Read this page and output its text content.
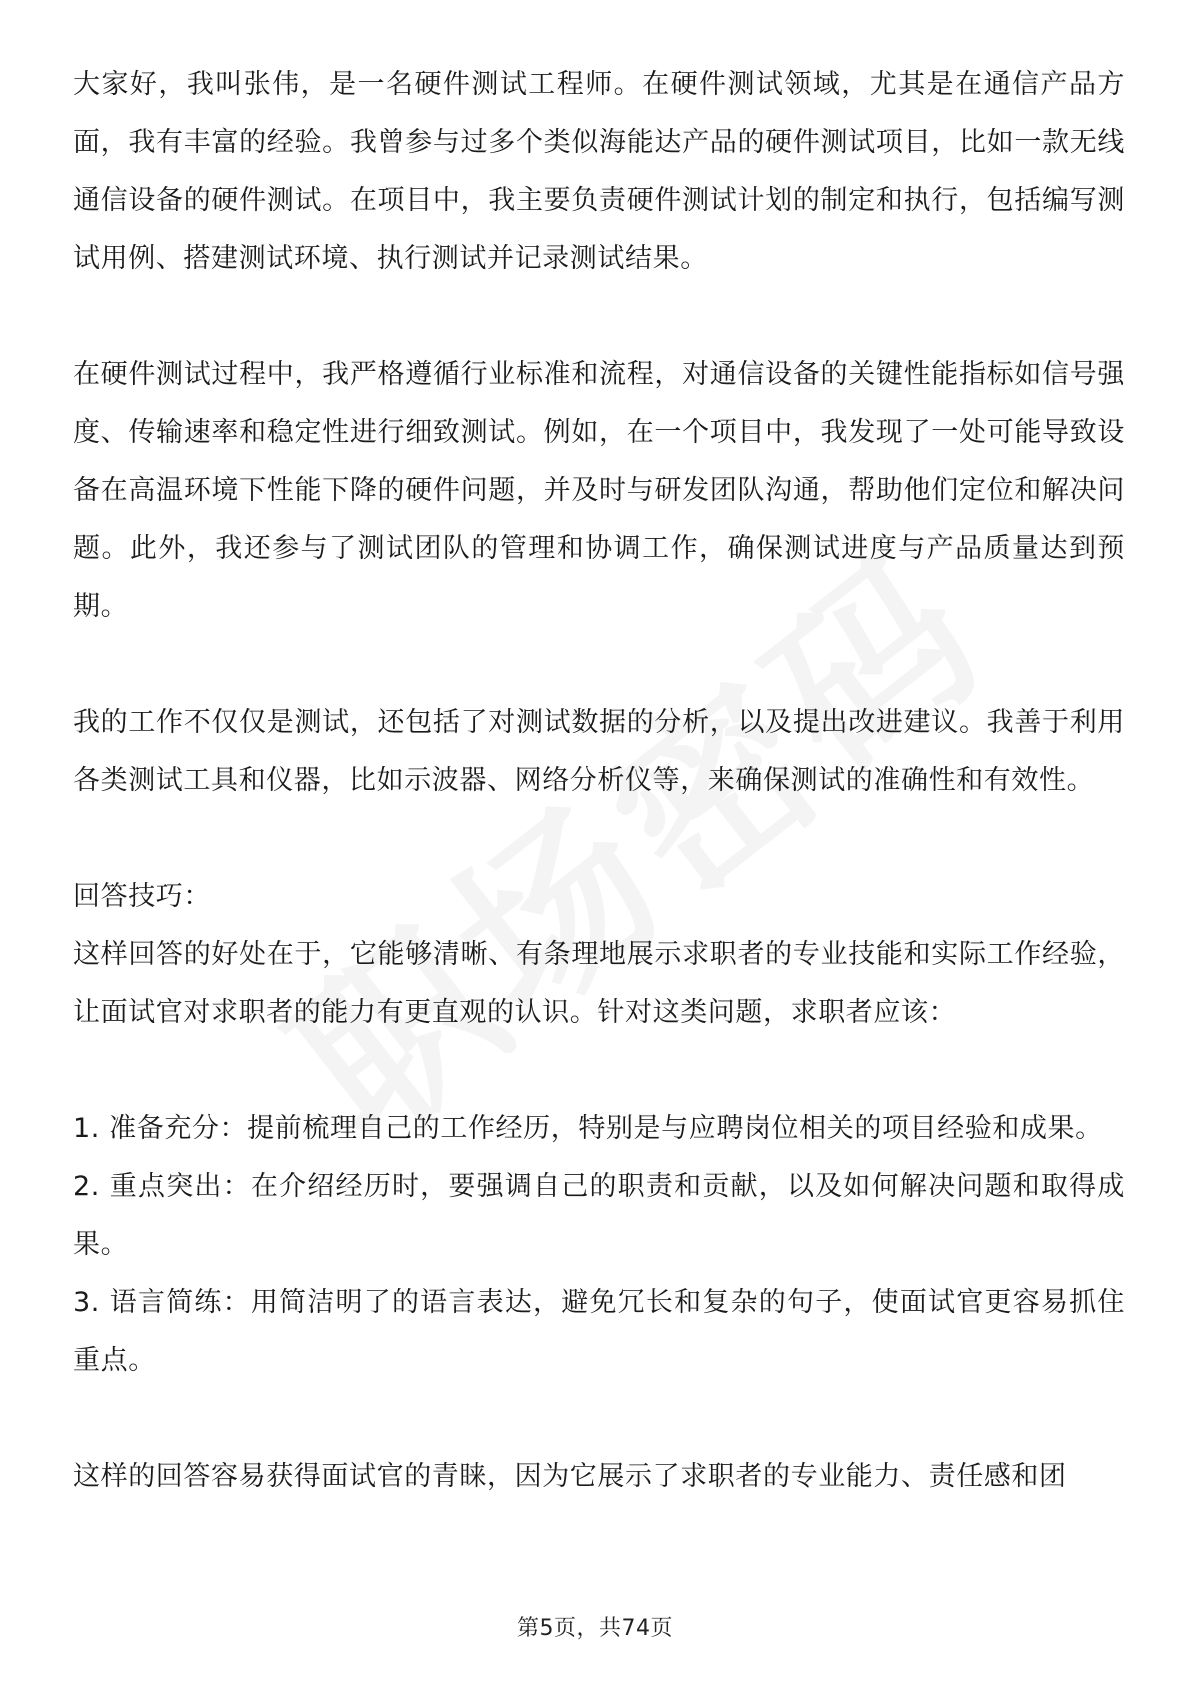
大家好，我叫张伟，是一名硬件测试工程师。在硬件测试领域，尤其是在通信产品方面，我有丰富的经验。我曾参与过多个类似海能达产品的硬件测试项目，比如一款无线通信设备的硬件测试。在项目中，我主要负责硬件测试计划的制定和执行，包括编写测试用例、搭建测试环境、执行测试并记录测试结果。

在硬件测试过程中，我严格遵循行业标准和流程，对通信设备的关键性能指标如信号强度、传输速率和稳定性进行细致测试。例如，在一个项目中，我发现了一处可能导致设备在高温环境下性能下降的硬件问题，并及时与研发团队沟通，帮助他们定位和解决问题。此外，我还参与了测试团队的管理和协调工作，确保测试进度与产品质量达到预期。

我的工作不仅仅是测试，还包括了对测试数据的分析，以及提出改进建议。我善于利用各类测试工具和仪器，比如示波器、网络分析仪等，来确保测试的准确性和有效性。

回答技巧：

这样回答的好处在于，它能够清晰、有条理地展示求职者的专业技能和实际工作经验，让面试官对求职者的能力有更直观的认识。针对这类问题，求职者应该：

1. 准备充分：提前梳理自己的工作经历，特别是与应聘岗位相关的项目经验和成果。

2. 重点突出：在介绍经历时，要强调自己的职责和贡献，以及如何解决问题和取得成果。

3. 语言简练：用简洁明了的语言表达，避免冗长和复杂的句子，使面试官更容易抓住重点。

这样的回答容易获得面试官的青睐，因为它展示了求职者的专业能力、责任感和团

第5页，共74页
